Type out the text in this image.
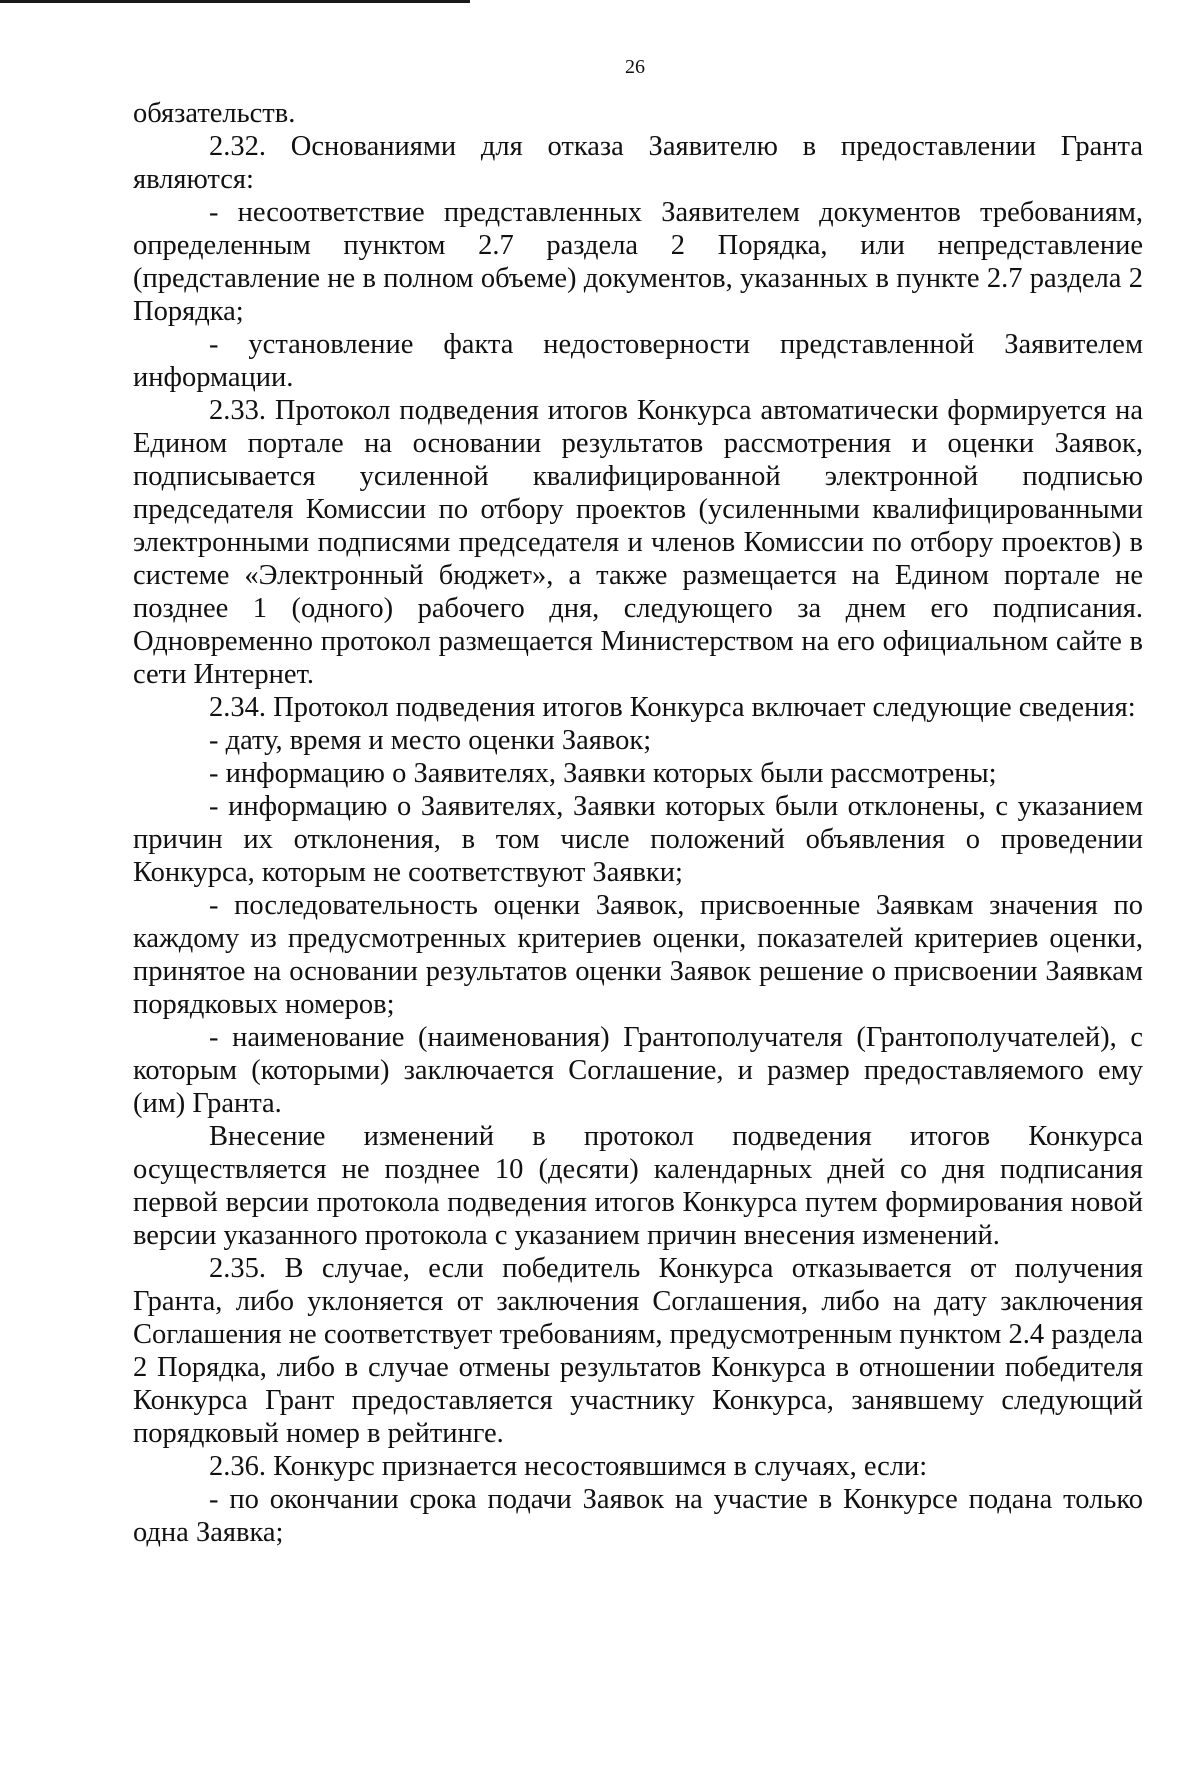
26

обязательств.

2.32. Основаниями для отказа Заявителю в предоставлении Гранта являются:

- несоответствие представленных Заявителем документов требованиям, определенным пунктом 2.7 раздела 2 Порядка, или непредставление (представление не в полном объеме) документов, указанных в пункте 2.7 раздела 2 Порядка;

- установление факта недостоверности представленной Заявителем информации.

2.33. Протокол подведения итогов Конкурса автоматически формируется на Едином портале на основании результатов рассмотрения и оценки Заявок, подписывается усиленной квалифицированной электронной подписью председателя Комиссии по отбору проектов (усиленными квалифицированными электронными подписями председателя и членов Комиссии по отбору проектов) в системе «Электронный бюджет», а также размещается на Едином портале не позднее 1 (одного) рабочего дня, следующего за днем его подписания. Одновременно протокол размещается Министерством на его официальном сайте в сети Интернет.

2.34. Протокол подведения итогов Конкурса включает следующие сведения:

- дату, время и место оценки Заявок;

- информацию о Заявителях, Заявки которых были рассмотрены;

- информацию о Заявителях, Заявки которых были отклонены, с указанием причин их отклонения, в том числе положений объявления о проведении Конкурса, которым не соответствуют Заявки;

- последовательность оценки Заявок, присвоенные Заявкам значения по каждому из предусмотренных критериев оценки, показателей критериев оценки, принятое на основании результатов оценки Заявок решение о присвоении Заявкам порядковых номеров;

- наименование (наименования) Грантополучателя (Грантополучателей), с которым (которыми) заключается Соглашение, и размер предоставляемого ему (им) Гранта.

Внесение изменений в протокол подведения итогов Конкурса осуществляется не позднее 10 (десяти) календарных дней со дня подписания первой версии протокола подведения итогов Конкурса путем формирования новой версии указанного протокола с указанием причин внесения изменений.

2.35. В случае, если победитель Конкурса отказывается от получения Гранта, либо уклоняется от заключения Соглашения, либо на дату заключения Соглашения не соответствует требованиям, предусмотренным пунктом 2.4 раздела 2 Порядка, либо в случае отмены результатов Конкурса в отношении победителя Конкурса Грант предоставляется участнику Конкурса, занявшему следующий порядковый номер в рейтинге.

2.36. Конкурс признается несостоявшимся в случаях, если:

- по окончании срока подачи Заявок на участие в Конкурсе подана только одна Заявка;
